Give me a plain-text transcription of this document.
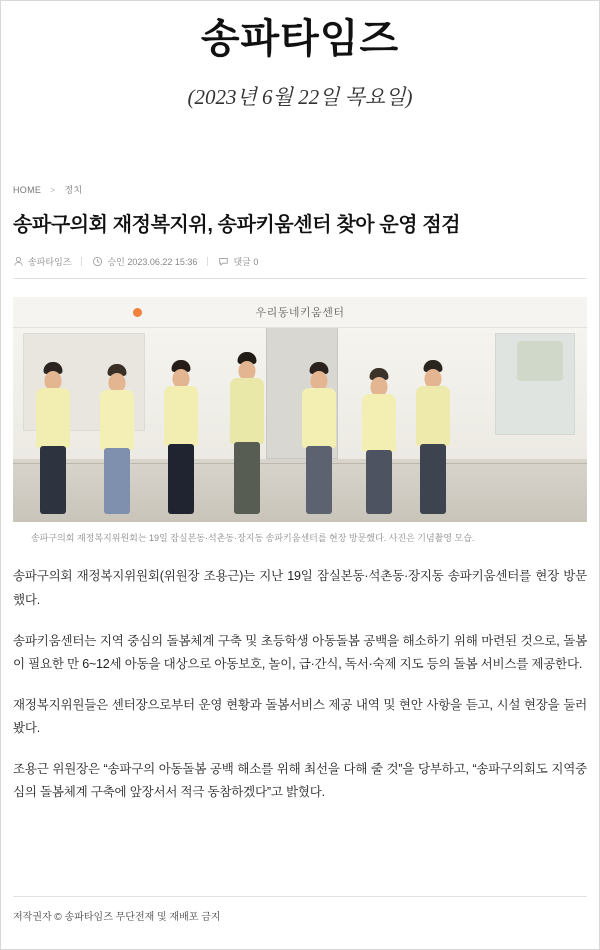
송파타임즈
(2023년 6월 22일 목요일)
HOME > 정치
송파구의회 재정복지위, 송파키움센터 찾아 운영 점검
송파타임즈	승인 2023.06.22 15:36	댓글 0
우리동네키움센터
송파구의회 재정복지위원회는 19일 잠실본동·석촌동·장지동 송파키움센터를 현장 방문했다. 사진은 기념촬영 모습.

송파구의회 재정복지위원회(위원장 조용근)는 지난 19일 잠실본동·석촌동·장지동 송파키움센터를 현장 방문했다.

송파키움센터는 지역 중심의 돌봄체계 구축 및 초등학생 아동돌봄 공백을 해소하기 위해 마련된 것으로, 돌봄이 필요한 만 6~12세 아동을 대상으로 아동보호, 놀이, 급·간식, 독서·숙제 지도 등의 돌봄 서비스를 제공한다.

재정복지위원들은 센터장으로부터 운영 현황과 돌봄서비스 제공 내역 및 현안 사항을 듣고, 시설 현장을 둘러봤다.

조용근 위원장은 “송파구의 아동돌봄 공백 해소를 위해 최선을 다해 줄 것”을 당부하고, “송파구의회도 지역중심의 돌봄체계 구축에 앞장서서 적극 동참하겠다”고 밝혔다.

저작권자 © 송파타임즈 무단전재 및 재배포 금지
